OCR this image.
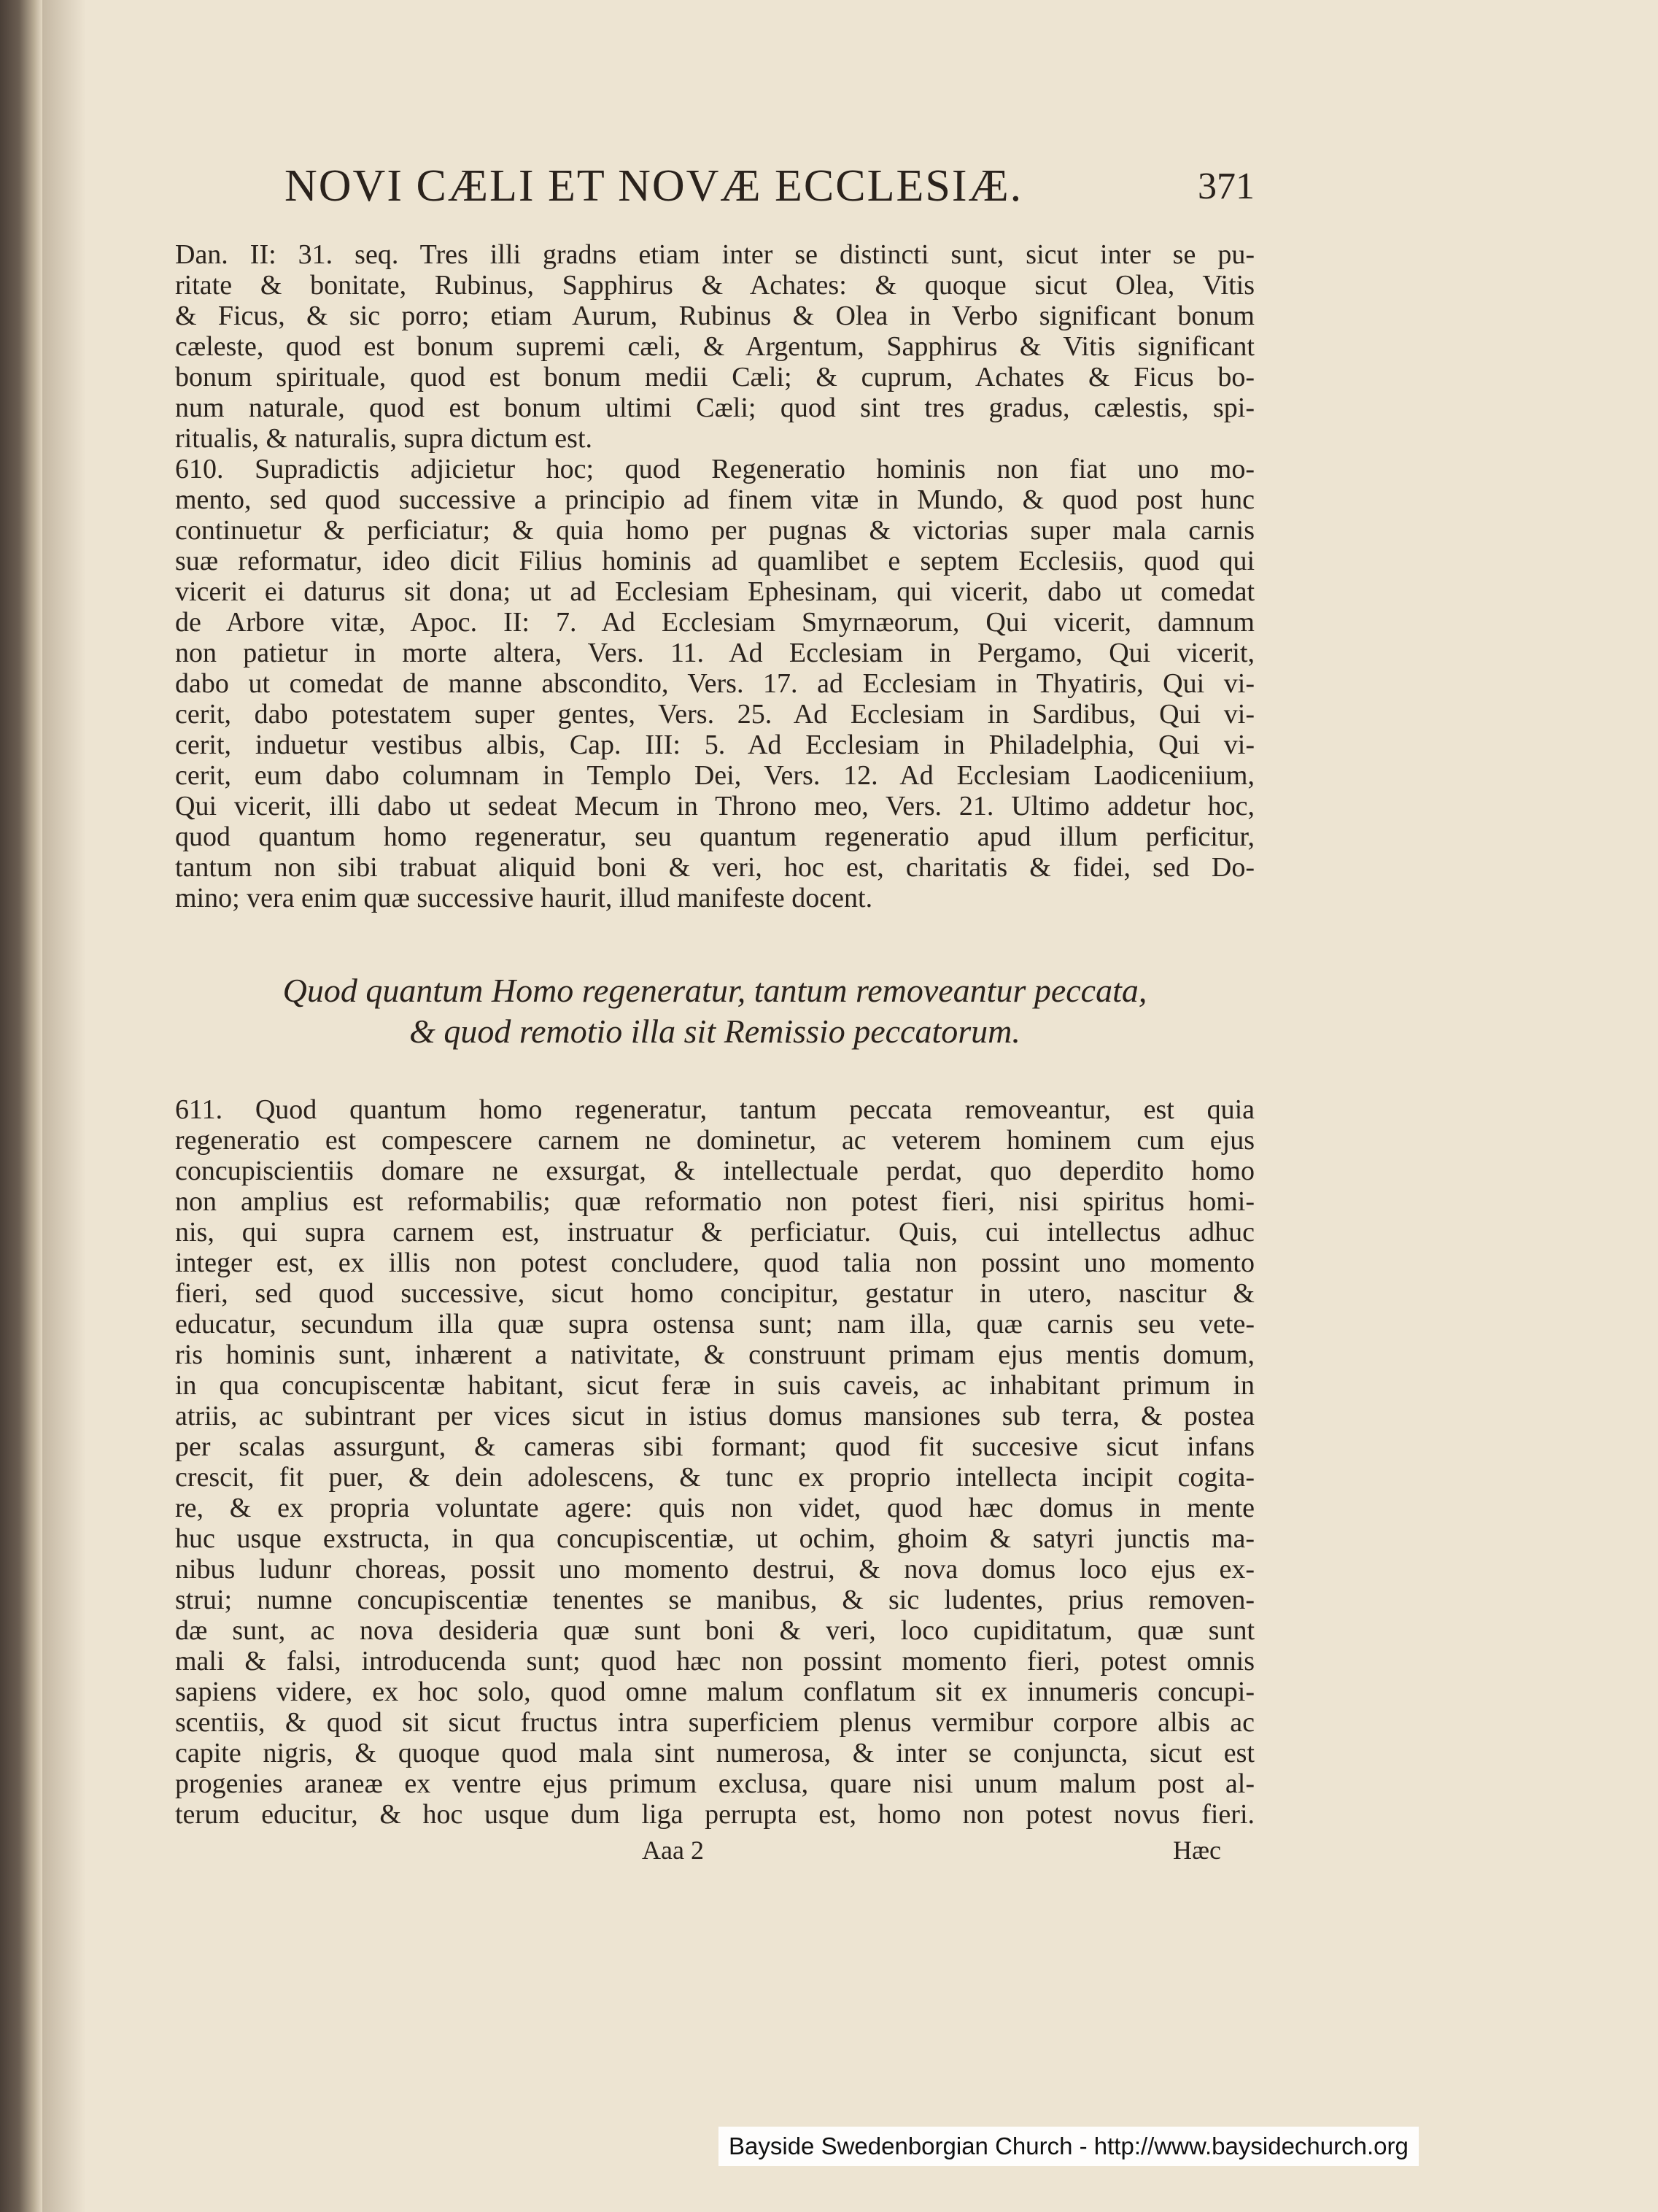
NOVI CÆLI ET NOVÆ ECCLESIÆ.	371
Dan. II: 31. seq. Tres illi gradns etiam inter se distincti sunt, sicut inter se pu-
ritate & bonitate, Rubinus, Sapphirus & Achates: & quoque sicut Olea, Vitis
& Ficus, & sic porro; etiam Aurum, Rubinus & Olea in Verbo significant bonum
cæleste, quod est bonum supremi cæli, & Argentum, Sapphirus & Vitis significant
bonum spirituale, quod est bonum medii Cæli; & cuprum, Achates & Ficus bo-
num naturale, quod est bonum ultimi Cæli; quod sint tres gradus, cælestis, spi-
ritualis, & naturalis, supra dictum est.
610. Supradictis adjicietur hoc; quod Regeneratio hominis non fiat uno mo-
mento, sed quod successive a principio ad finem vitæ in Mundo, & quod post hunc
continuetur & perficiatur; & quia homo per pugnas & victorias super mala carnis
suæ reformatur, ideo dicit Filius hominis ad quamlibet e septem Ecclesiis, quod qui
vicerit ei daturus sit dona; ut ad Ecclesiam Ephesinam, qui vicerit, dabo ut comedat
de Arbore vitæ, Apoc. II: 7. Ad Ecclesiam Smyrnæorum, Qui vicerit, damnum
non patietur in morte altera, Vers. 11. Ad Ecclesiam in Pergamo, Qui vicerit,
dabo ut comedat de manne absc​ondito, Vers. 17. ad Ecclesiam in Thyatiris, Qui vi-
cerit, dabo potestatem super gentes, Vers. 25. Ad Ecclesiam in Sardibus, Qui vi-
cerit, induetur vestibus albis, Cap. III: 5. Ad Ecclesiam in Philadelphia, Qui vi-
cerit, eum dabo columnam in Templo Dei, Vers. 12. Ad Ecclesiam Laodiceniium,
Qui vicerit, illi dabo ut sedeat Mecum in Throno meo, Vers. 21. Ultimo addetur hoc,
quod quantum homo regeneratur, seu quantum regeneratio apud illum perficitur,
tantum non sibi trabuat aliquid boni & veri, hoc est, charitatis & fidei, sed Do-
mino; vera enim quæ successive haurit, illud manifeste docent.
Quod quantum Homo regeneratur, tantum removeantur peccata,
& quod remotio illa sit Remissio peccatorum.
611. Quod quantum homo regeneratur, tantum peccata removeantur, est quia
regeneratio est compescere carnem ne dominetur, ac veterem hominem cum ejus
concupiscientiis domare ne exsurgat, & intellectuale perdat, quo deperdito homo
non amplius est reformabilis; quæ reformatio non potest fieri, nisi spiritus homi-
nis, qui supra carnem est, instruatur & perficiatur. Quis, cui intellectus adhuc
integer est, ex illis non potest concludere, quod talia non possint uno momento
fieri, sed quod successive, sicut homo concipitur, gestatur in utero, nascitur &
educatur, secundum illa quæ supra ostensa sunt; nam illa, quæ carnis seu vete-
ris hominis sunt, inhærent a nativitate, & construunt primam ejus mentis domum,
in qua concupiscentæ habitant, sicut feræ in suis caveis, ac inhabitant primum in
atriis, ac subintrant per vices sicut in istius domus mansiones sub terra, & postea
per scalas assurgunt, & cameras sibi formant; quod fit succesive sicut infans
crescit, fit puer, & dein adolescens, & tunc ex proprio intellecta incipit cogita-
re, & ex propria voluntate agere: quis non videt, quod hæc domus in mente
huc usque exstructa, in qua concupiscentiæ, ut ochim, ghoim & satyri junctis ma-
nibus ludunr choreas, possit uno momento destrui, & nova domus loco ejus ex-
strui; numne concupiscentiæ tenentes se manibus, & sic ludentes, prius removen-
dæ sunt, ac nova desideria quæ sunt boni & veri, loco cupiditatum, quæ sunt
mali & falsi, introducenda sunt; quod hæc non possint momento fieri, potest omnis
sapiens videre, ex hoc solo, quod omne malum conflatum sit ex innumeris concupi-
scentiis, & quod sit sicut fructus intra superficiem plenus vermibur corpore albis ac
capite nigris, & quoque quod mala sint numerosa, & inter se conjuncta, sicut est
progenies araneæ ex ventre ejus primum exclusa, quare nisi unum malum post al-
terum educitur, & hoc usque dum liga perrupta est, homo non potest novus fieri.
Aaa 2	Hæc
Bayside Swedenborgian Church - http://www.baysidechurch.org
